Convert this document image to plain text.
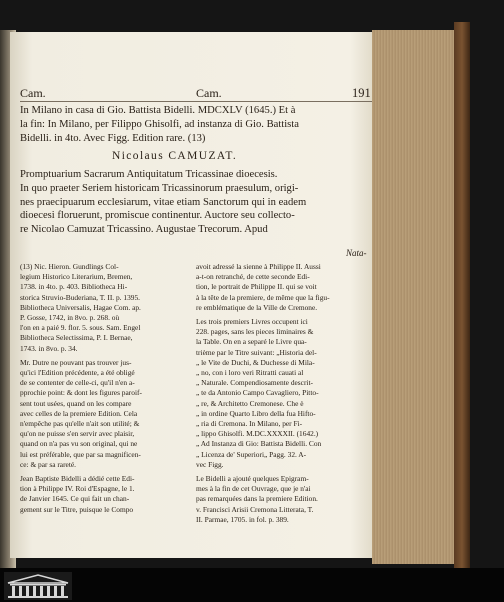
Cam.	Cam.	191
In Milano in casa di Gio. Battista Bidelli. MDCXLV (1645.) Et à
la fin: In Milano, per Filippo Ghisolfi, ad instanza di Gio. Battista
Bidelli. in 4to. Avec Figg. Edition rare. (13)
Nicolaus CAMUZAT.
Promptuarium Sacrarum Antiquitatum Tricassinae dioecesis.
In quo praeter Seriem historicam Tricassinorum praesulum, origi-
nes praecipuarum ecclesiarum, vitae etiam Sanctorum qui in eadem
dioecesi floruerunt, promiscue continentur. Auctore seu collecto-
re Nicolao Camuzat Tricassino. Augustae Trecorum. Apud
Nata-
(13) Nic. Hieron. Gundlings Col-
legium Historico Literarium, Bremen,
1738. in 4to. p. 403. Bibliotheca Hi-
storica Struvio-Buderiana, T. II. p. 1395.
Bibliotheca Universalis, Hagae Com. ap.
P. Gosse, 1742, in 8vo. p. 268. où
l'on en a paié 9. flor. 5. sous. Sam. Engel
Bibliotheca Selectissima, P. I. Bernae,
1743. in 8vo. p. 34.
Mr. Dutre ne pouvant pas trouver jus-
qu'ici l'Edition précédente, a été obligé
de se contenter de celle-ci, qu'il n'en a-
pprochie point: & dont les figures paroif-
sent tout usées, quand on les compare
avec celles de la premiere Edition. Cela
n'empêche pas qu'elle n'ait son utilité; &
qu'on ne puisse s'en servir avec plaisir,
quand on n'a pas vu son original, qui ne
lui est préférable, que par sa magnificen-
ce: & par sa rareté.
Jean Baptiste Bidelli a dédié cette Edi-
tion à Philippe IV. Roi d'Espagne, le 1.
de Janvier 1645. Ce qui fait un chan-
gement sur le Titre, puisque le Compo
avoit adressé la sienne à Philippe II. Aussi
a-t-on retranché, de cette seconde Edi-
tion, le portrait de Philippe II. qui se voit
à la tête de la premiere, de même que la figu-
re emblématique de la Ville de Cremone.
Les trois premiers Livres occupent ici
228. pages, sans les pieces liminaires &
la Table. On en a separé le Livre qua-
trième par le Titre suivant: „Historia del-
„ le Vite de Duchi, & Duchesse di Mila-
„ no, con i loro veri Ritratti cauati al
„ Naturale. Compendiosamente descrit-
„ te da Antonio Campo Cavagliero, Pitto-
„ re, & Architetto Cremonese. Che è
„ in ordine Quarto Libro della fua Hifto-
„ ria di Cremona. In Milano, per Fi-
„ lippo Ghisolfi. M.DC.XXXXII. (1642.)
„ Ad Instanza di Gio: Battista Bidelli. Con
„ Licenza de' Superiori„ Pagg. 32. A-
vec Figg.
Le Bidelli a ajouté quelques Epigram-
mes à la fin de cet Ouvrage, que je n'ai
pas remarquées dans la premiere Edition.
v. Francisci Arisii Cremona Litterata, T.
II. Parmae, 1705. in fol. p. 389.
